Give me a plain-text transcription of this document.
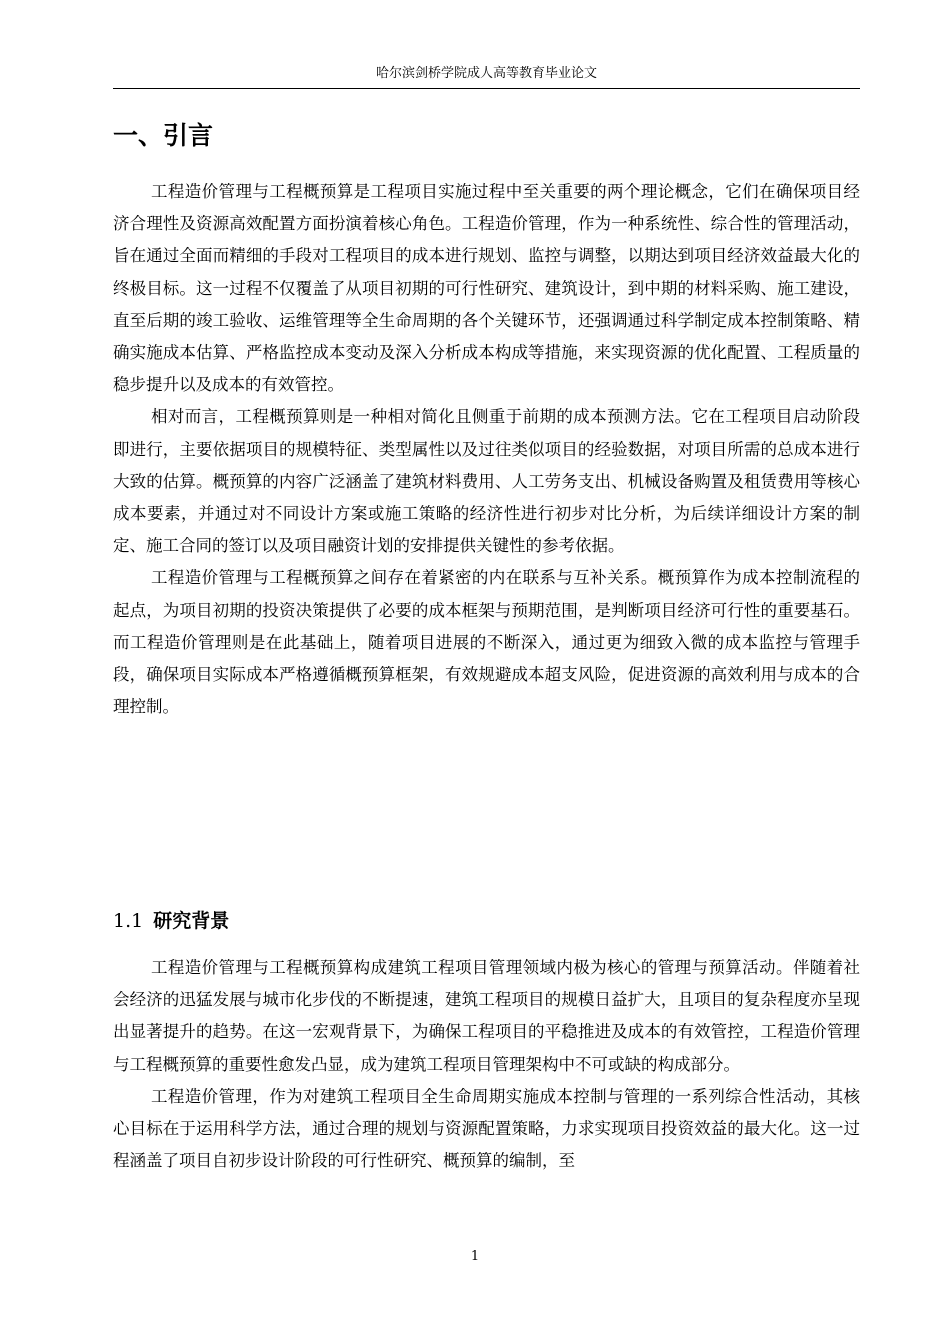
哈尔滨剑桥学院成人高等教育毕业论文
一、引言

工程造价管理与工程概预算是工程项目实施过程中至关重要的两个理论概念，它们在确保项目经济合理性及资源高效配置方面扮演着核心角色。工程造价管理，作为一种系统性、综合性的管理活动，旨在通过全面而精细的手段对工程项目的成本进行规划、监控与调整，以期达到项目经济效益最大化的终极目标。这一过程不仅覆盖了从项目初期的可行性研究、建筑设计，到中期的材料采购、施工建设，直至后期的竣工验收、运维管理等全生命周期的各个关键环节，还强调通过科学制定成本控制策略、精确实施成本估算、严格监控成本变动及深入分析成本构成等措施，来实现资源的优化配置、工程质量的稳步提升以及成本的有效管控。

相对而言，工程概预算则是一种相对简化且侧重于前期的成本预测方法。它在工程项目启动阶段即进行，主要依据项目的规模特征、类型属性以及过往类似项目的经验数据，对项目所需的总成本进行大致的估算。概预算的内容广泛涵盖了建筑材料费用、人工劳务支出、机械设备购置及租赁费用等核心成本要素，并通过对不同设计方案或施工策略的经济性进行初步对比分析，为后续详细设计方案的制定、施工合同的签订以及项目融资计划的安排提供关键性的参考依据。

工程造价管理与工程概预算之间存在着紧密的内在联系与互补关系。概预算作为成本控制流程的起点，为项目初期的投资决策提供了必要的成本框架与预期范围，是判断项目经济可行性的重要基石。而工程造价管理则是在此基础上，随着项目进展的不断深入，通过更为细致入微的成本监控与管理手段，确保项目实际成本严格遵循概预算框架，有效规避成本超支风险，促进资源的高效利用与成本的合理控制。

1.1 研究背景

工程造价管理与工程概预算构成建筑工程项目管理领域内极为核心的管理与预算活动。伴随着社会经济的迅猛发展与城市化步伐的不断提速，建筑工程项目的规模日益扩大，且项目的复杂程度亦呈现出显著提升的趋势。在这一宏观背景下，为确保工程项目的平稳推进及成本的有效管控，工程造价管理与工程概预算的重要性愈发凸显，成为建筑工程项目管理架构中不可或缺的构成部分。

工程造价管理，作为对建筑工程项目全生命周期实施成本控制与管理的一系列综合性活动，其核心目标在于运用科学方法，通过合理的规划与资源配置策略，力求实现项目投资效益的最大化。这一过程涵盖了项目自初步设计阶段的可行性研究、概预算的编制，至

1
